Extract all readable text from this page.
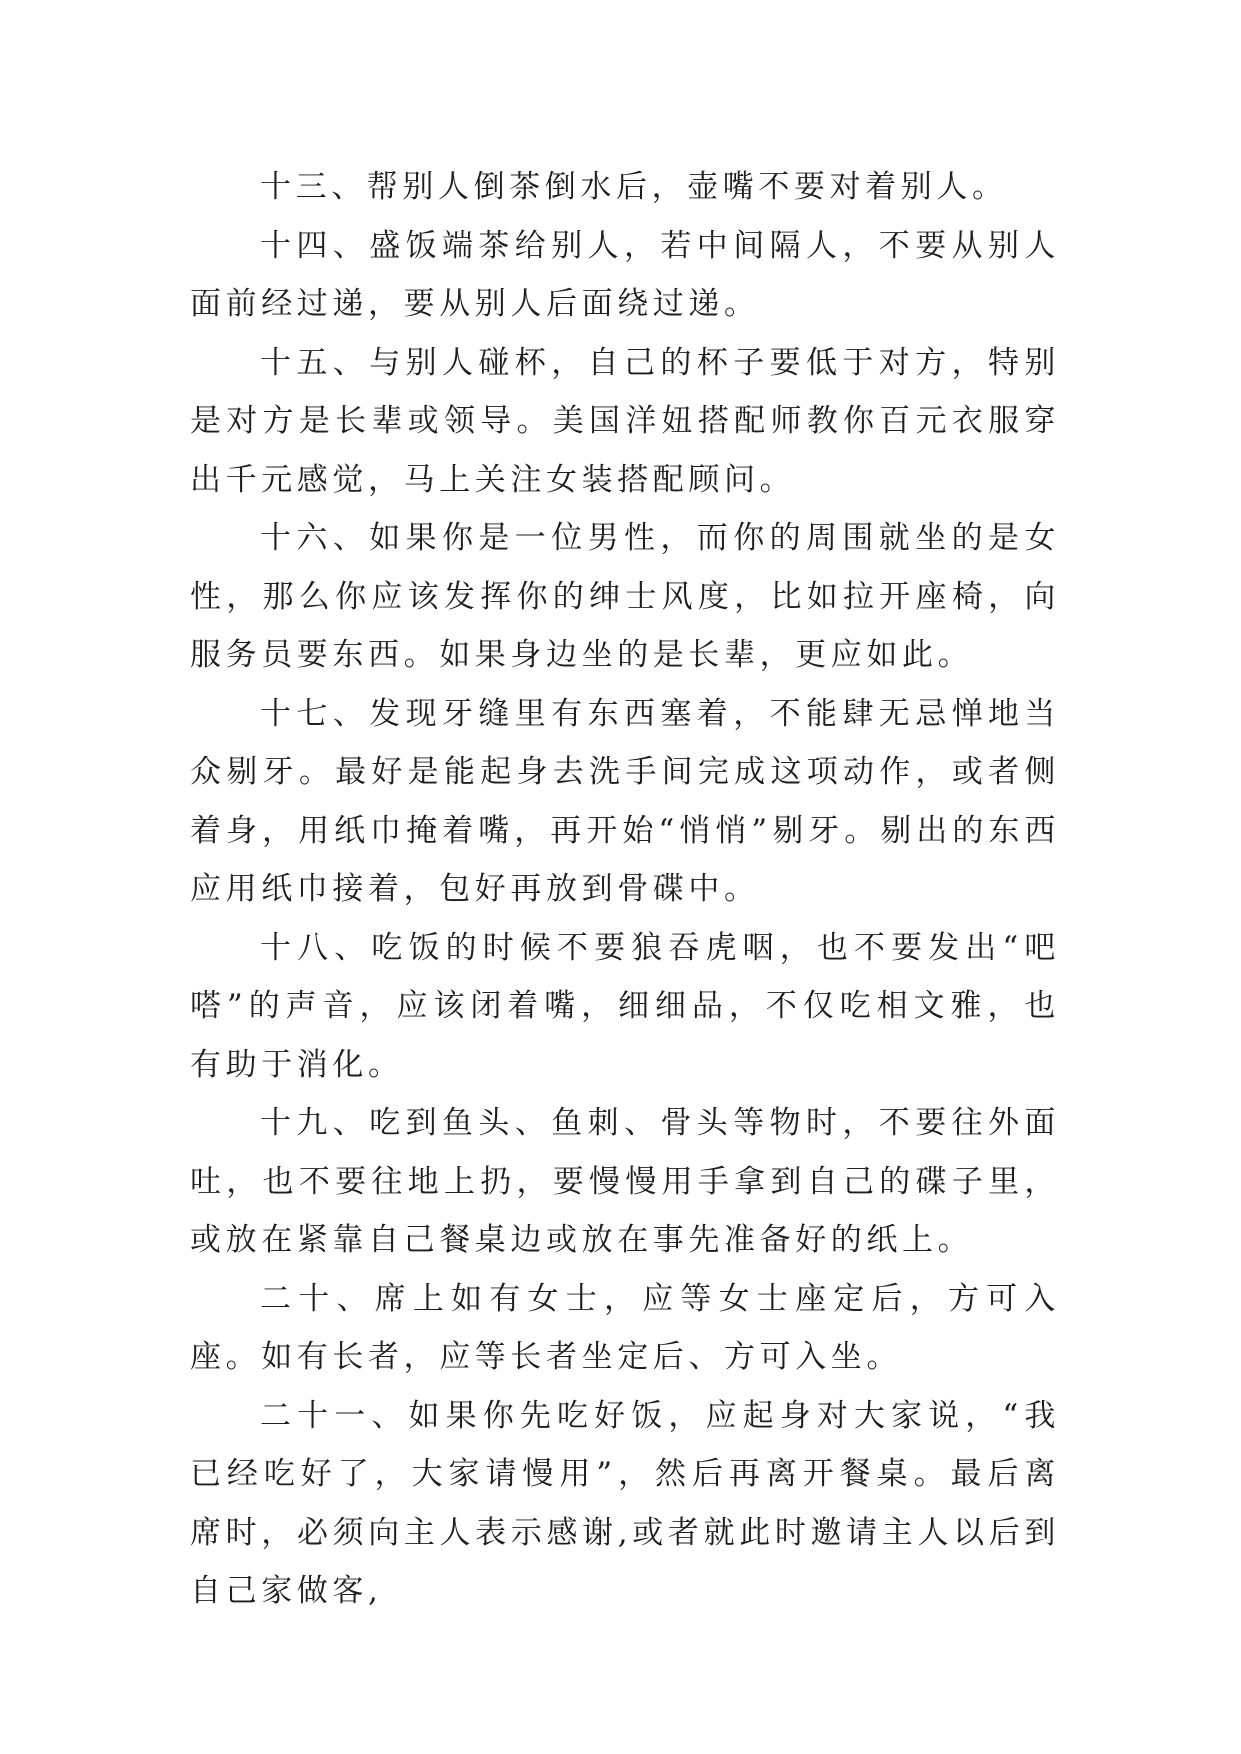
十三、帮别人倒茶倒水后，壶嘴不要对着别人。

十四、盛饭端茶给别人，若中间隔人，不要从别人面前经过递，要从别人后面绕过递。

十五、与别人碰杯，自己的杯子要低于对方，特别是对方是长辈或领导。美国洋妞搭配师教你百元衣服穿出千元感觉，马上关注女装搭配顾问。

十六、如果你是一位男性，而你的周围就坐的是女性，那么你应该发挥你的绅士风度，比如拉开座椅，向服务员要东西。如果身边坐的是长辈，更应如此。

十七、发现牙缝里有东西塞着，不能肆无忌惮地当众剔牙。最好是能起身去洗手间完成这项动作，或者侧着身，用纸巾掩着嘴，再开始“悄悄”剔牙。剔出的东西应用纸巾接着，包好再放到骨碟中。

十八、吃饭的时候不要狼吞虎咽，也不要发出“吧嗒”的声音，应该闭着嘴，细细品，不仅吃相文雅，也有助于消化。

十九、吃到鱼头、鱼刺、骨头等物时，不要往外面吐，也不要往地上扔，要慢慢用手拿到自己的碟子里，或放在紧靠自己餐桌边或放在事先准备好的纸上。

二十、席上如有女士，应等女士座定后，方可入座。如有长者，应等长者坐定后、方可入坐。

二十一、如果你先吃好饭，应起身对大家说，“我已经吃好了，大家请慢用”，然后再离开餐桌。最后离席时，必须向主人表示感谢,或者就此时邀请主人以后到自己家做客,
